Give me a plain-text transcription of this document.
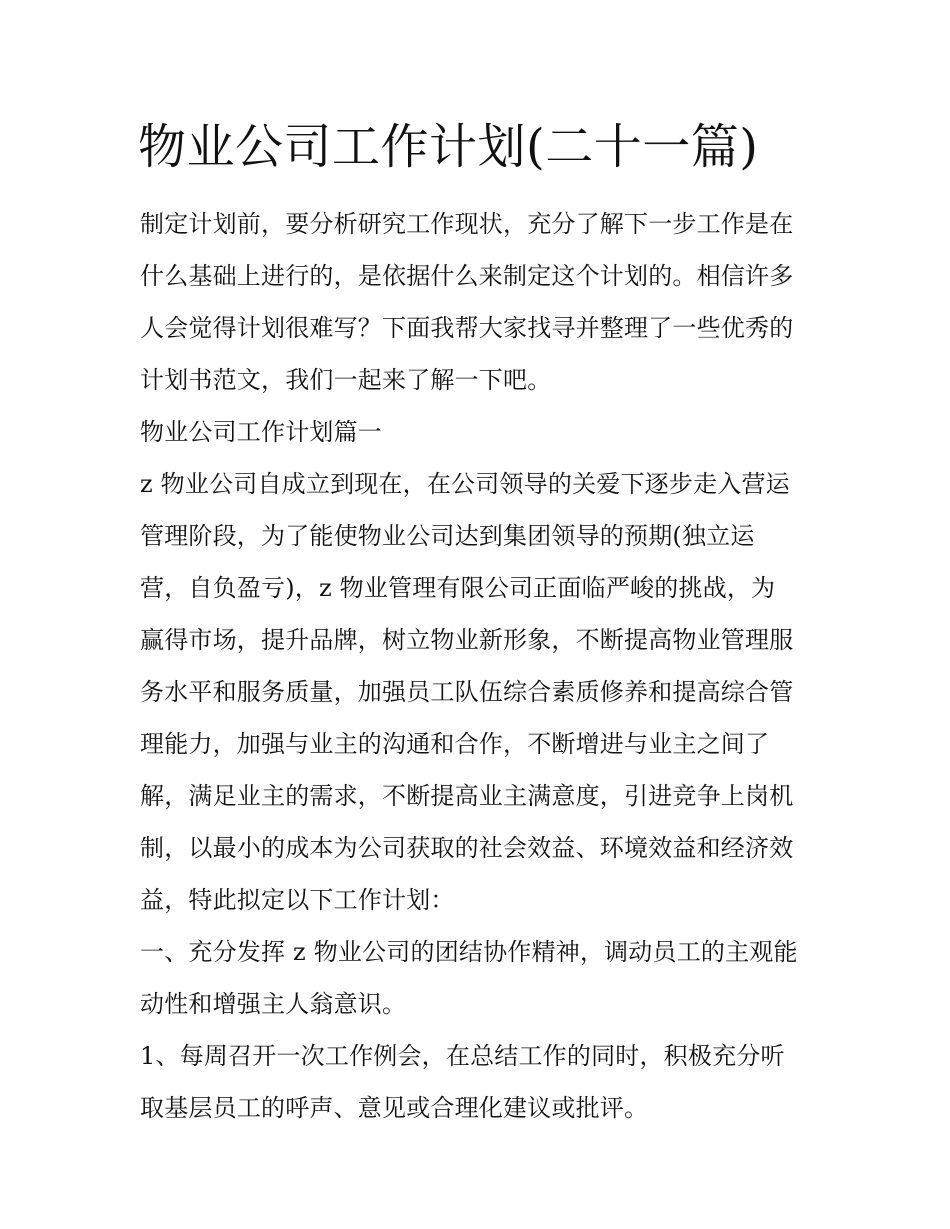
物业公司工作计划(二十一篇)
制定计划前，要分析研究工作现状，充分了解下一步工作是在
什么基础上进行的，是依据什么来制定这个计划的。相信许多
人会觉得计划很难写？下面我帮大家找寻并整理了一些优秀的
计划书范文，我们一起来了解一下吧。
物业公司工作计划篇一
z 物业公司自成立到现在，在公司领导的关爱下逐步走入营运
管理阶段，为了能使物业公司达到集团领导的预期(独立运
营，自负盈亏)，z 物业管理有限公司正面临严峻的挑战，为
赢得市场，提升品牌，树立物业新形象，不断提高物业管理服
务水平和服务质量，加强员工队伍综合素质修养和提高综合管
理能力，加强与业主的沟通和合作，不断增进与业主之间了
解，满足业主的需求，不断提高业主满意度，引进竞争上岗机
制，以最小的成本为公司获取的社会效益、环境效益和经济效
益，特此拟定以下工作计划：
一、充分发挥 z 物业公司的团结协作精神，调动员工的主观能
动性和增强主人翁意识。
1、每周召开一次工作例会，在总结工作的同时，积极充分听
取基层员工的呼声、意见或合理化建议或批评。
